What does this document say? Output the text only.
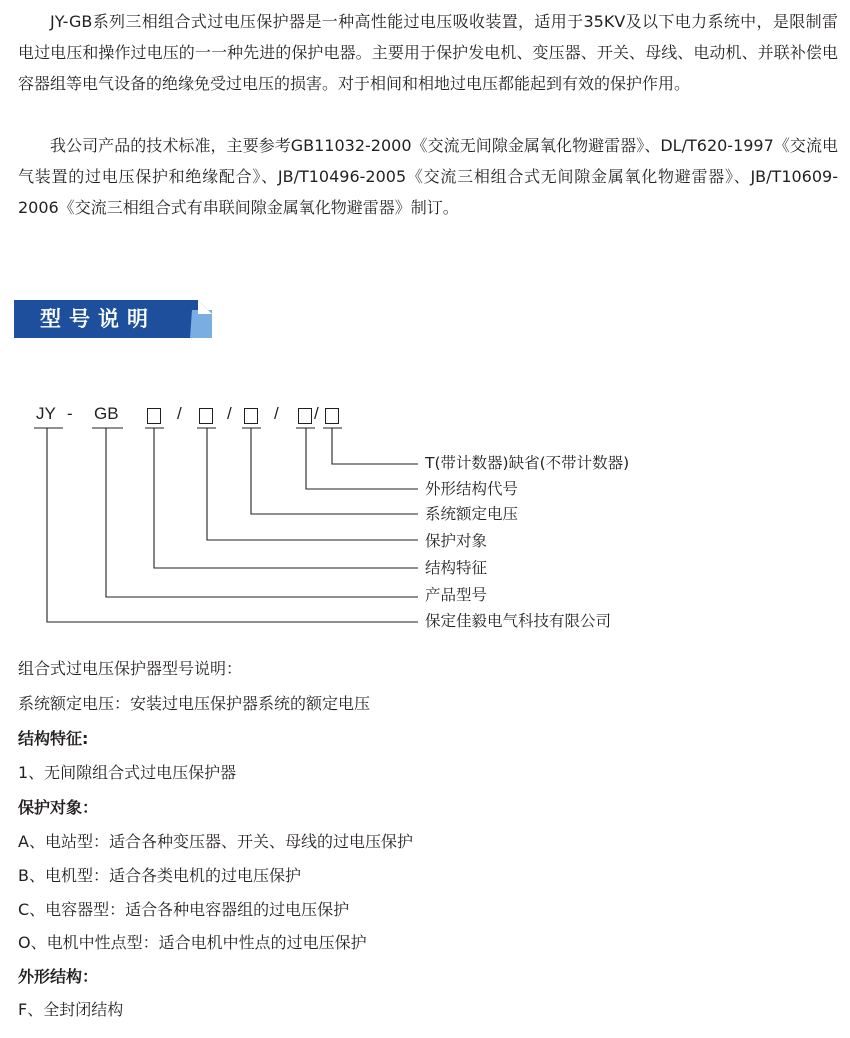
JY-GB系列三相组合式过电压保护器是一种高性能过电压吸收装置，适用于35KV及以下电力系统中，是限制雷电过电压和操作过电压的一一种先进的保护电器。主要用于保护发电机、变压器、开关、母线、电动机、并联补偿电容器组等电气设备的绝缘免受过电压的损害。对于相间和相地过电压都能起到有效的保护作用。

我公司产品的技术标准，主要参考GB11032-2000《交流无间隙金属氧化物避雷器》、DL/T620-1997《交流电气装置的过电压保护和绝缘配合》、JB/T10496-2005《交流三相组合式无间隙金属氧化物避雷器》、JB/T10609-2006《交流三相组合式有串联间隙金属氧化物避雷器》制订。

型号说明
JY - GB	/	/ / /
T(带计数器)缺省(不带计数器)
外形结构代号
系统额定电压
保护对象
结构特征
产品型号
保定佳毅电气科技有限公司
组合式过电压保护器型号说明：
系统额定电压：安装过电压保护器系统的额定电压
结构特征:
1、无间隙组合式过电压保护器
保护对象：
A、电站型：适合各种变压器、开关、母线的过电压保护
B、电机型：适合各类电机的过电压保护
C、电容器型：适合各种电容器组的过电压保护
O、电机中性点型：适合电机中性点的过电压保护
外形结构：
F、全封闭结构
